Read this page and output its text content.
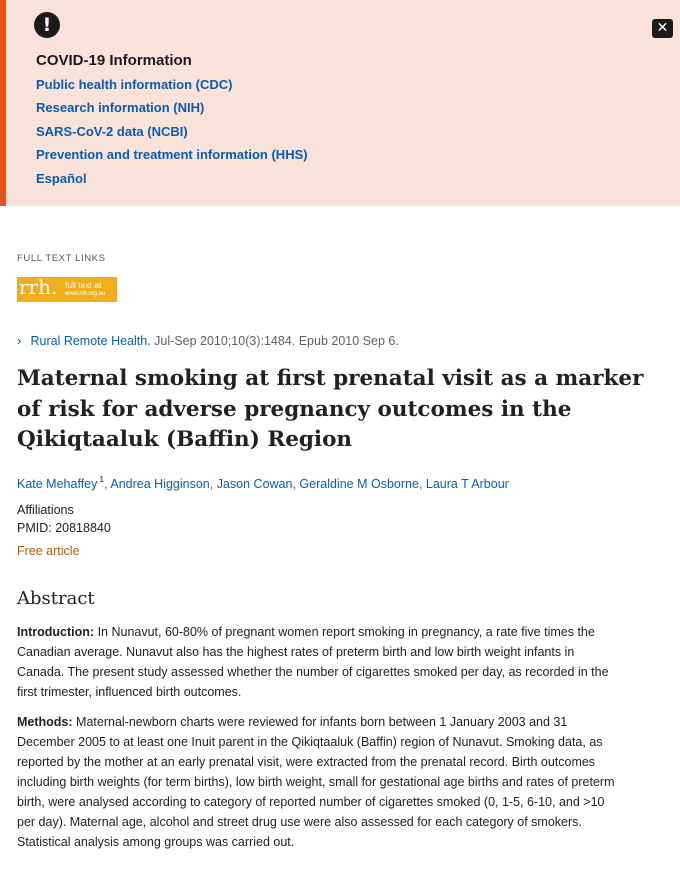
!	✕
COVID-19 Information
Public health information (CDC)
Research information (NIH)
SARS-CoV-2 data (NCBI)
Prevention and treatment information (HHS)
Español
FULL TEXT LINKS
rrh. full text at
www.rrh.org.au
› Rural Remote Health. Jul-Sep 2010;10(3):1484. Epub 2010 Sep 6.
Maternal smoking at first prenatal visit as a marker of risk for adverse pregnancy outcomes in the Qikiqtaaluk (Baffin) Region
Kate Mehaffey $^1$, Andrea Higginson, Jason Cowan, Geraldine M Osborne, Laura T Arbour
Affiliations
PMID: 20818840
Free article
Abstract

Introduction: In Nunavut, 60-80% of pregnant women report smoking in pregnancy, a rate five times the Canadian average. Nunavut also has the highest rates of preterm birth and low birth weight infants in Canada. The present study assessed whether the number of cigarettes smoked per day, as recorded in the first trimester, influenced birth outcomes.

Methods: Maternal-newborn charts were reviewed for infants born between 1 January 2003 and 31 December 2005 to at least one Inuit parent in the Qikiqtaaluk (Baffin) region of Nunavut. Smoking data, as reported by the mother at an early prenatal visit, were extracted from the prenatal record. Birth outcomes including birth weights (for term births), low birth weight, small for gestational age births and rates of preterm birth, were analysed according to category of reported number of cigarettes smoked (0, 1-5, 6-10, and >10 per day). Maternal age, alcohol and street drug use were also assessed for each category of smokers. Statistical analysis among groups was carried out.
